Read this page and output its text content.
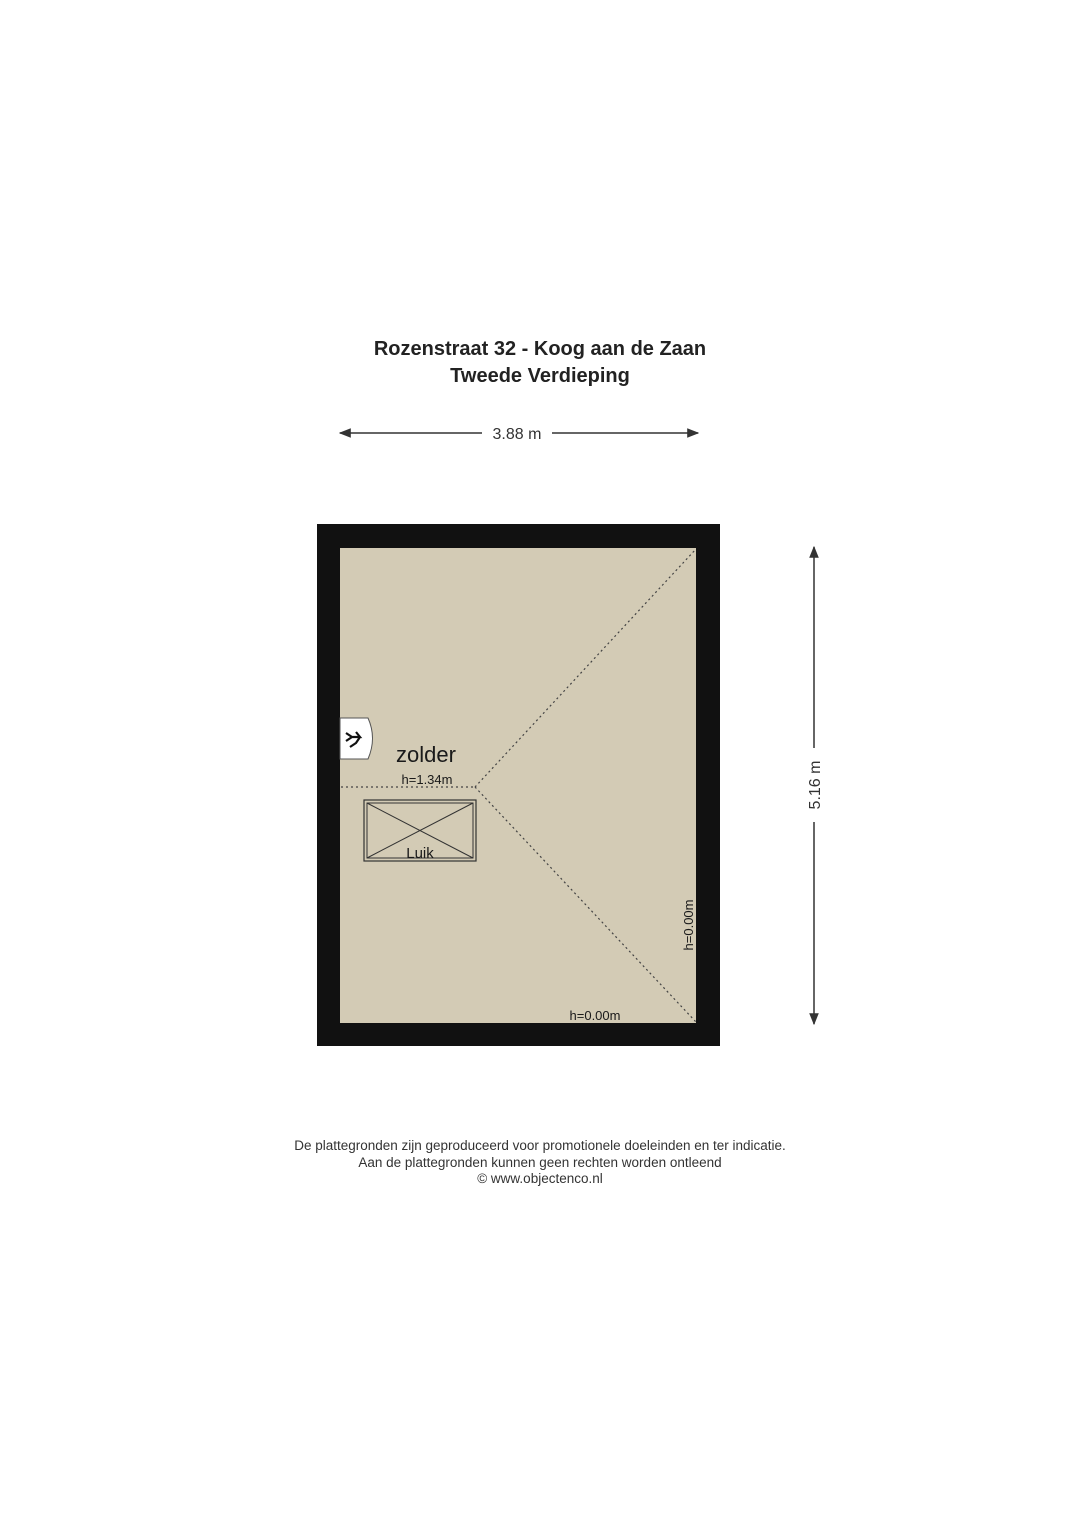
Rozenstraat 32 - Koog aan de Zaan
Tweede Verdieping
3.88 m
5.16 m
zolder
h=1.34m
Luik
h=0.00m
h=0.00m
De plattegronden zijn geproduceerd voor promotionele doeleinden en ter indicatie.
Aan de plattegronden kunnen geen rechten worden ontleend
© www.objectenco.nl
